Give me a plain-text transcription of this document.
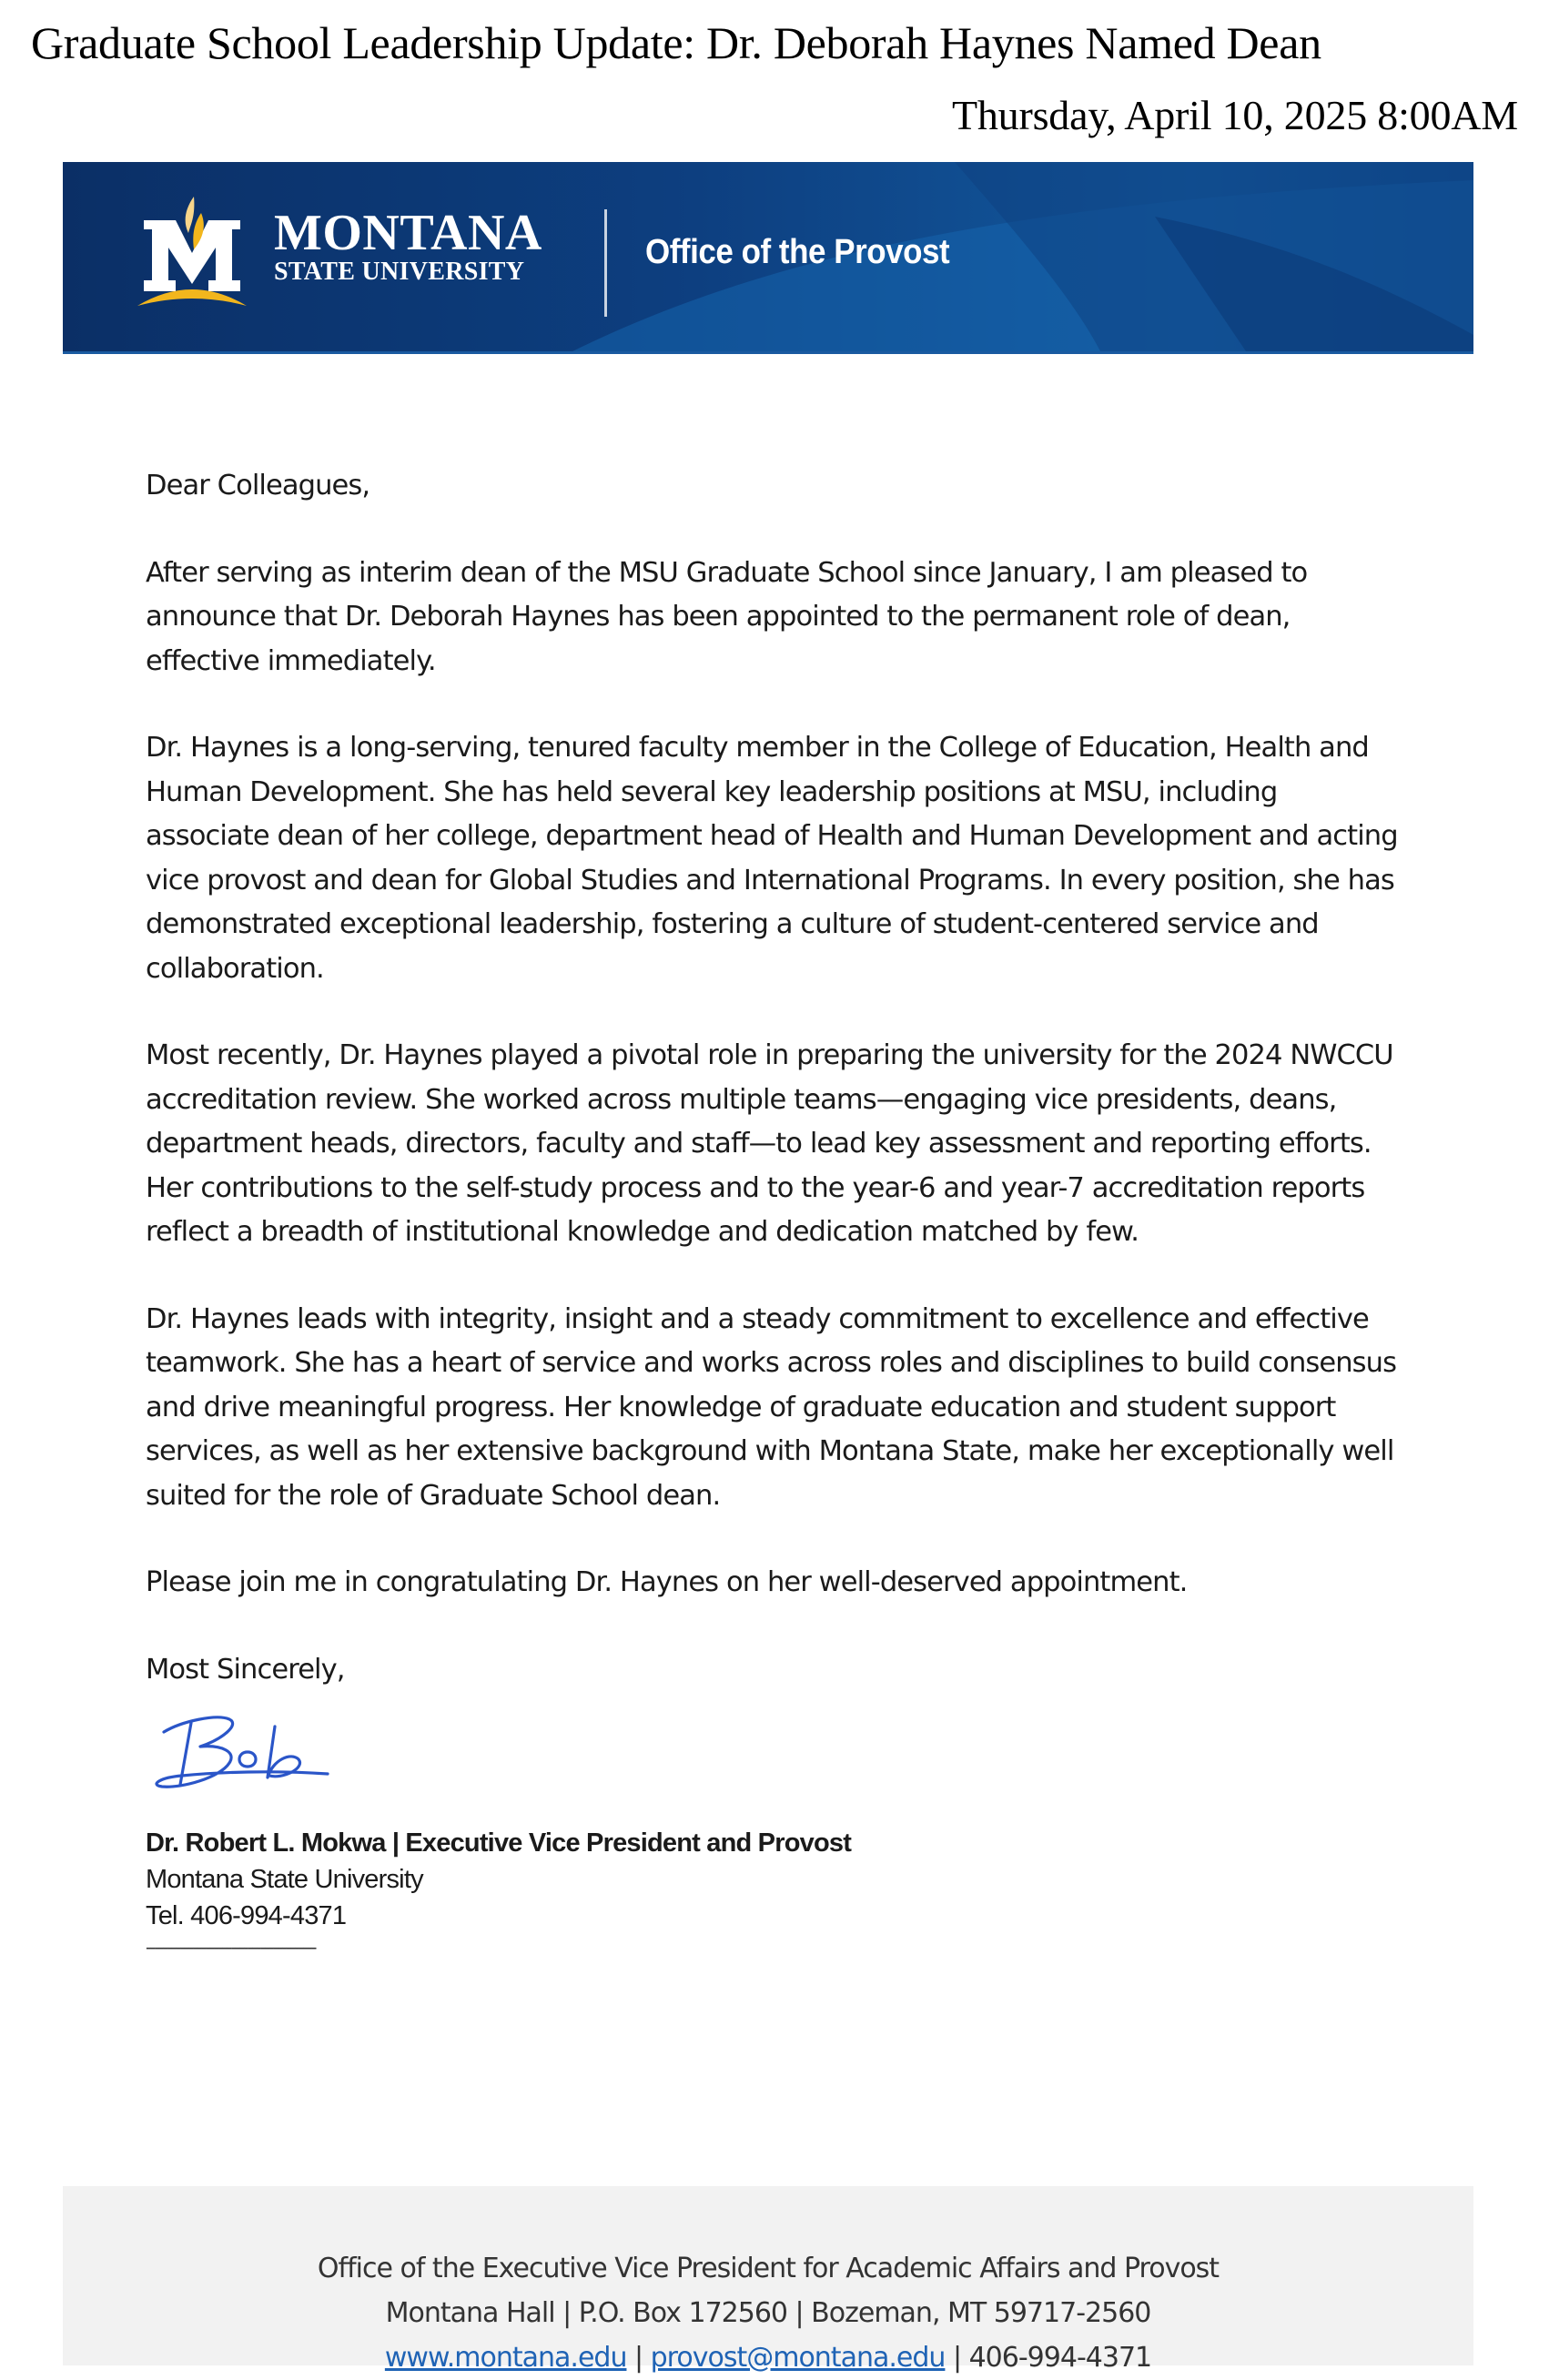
Graduate School Leadership Update: Dr. Deborah Haynes Named Dean
Thursday, April 10, 2025 8:00AM
MONTANA
STATE UNIVERSITY
Office of the Provost

Dear Colleagues,

After serving as interim dean of the MSU Graduate School since January, I am pleased to announce that Dr. Deborah Haynes has been appointed to the permanent role of dean, effective immediately.

Dr. Haynes is a long-serving, tenured faculty member in the College of Education, Health and Human Development. She has held several key leadership positions at MSU, including associate dean of her college, department head of Health and Human Development and acting vice provost and dean for Global Studies and International Programs. In every position, she has demonstrated exceptional leadership, fostering a culture of student-centered service and collaboration.

Most recently, Dr. Haynes played a pivotal role in preparing the university for the 2024 NWCCU accreditation review. She worked across multiple teams—engaging vice presidents, deans, department heads, directors, faculty and staff—to lead key assessment and reporting efforts. Her contributions to the self-study process and to the year-6 and year-7 accreditation reports reflect a breadth of institutional knowledge and dedication matched by few.

Dr. Haynes leads with integrity, insight and a steady commitment to excellence and effective teamwork. She has a heart of service and works across roles and disciplines to build consensus and drive meaningful progress. Her knowledge of graduate education and student support services, as well as her extensive background with Montana State, make her exceptionally well suited for the role of Graduate School dean.

Please join me in congratulating Dr. Haynes on her well-deserved appointment.

Most Sincerely,

Dr. Robert L. Mokwa | Executive Vice President and Provost
Montana State University
Tel. 406-994-4371
----------------------------------------
Office of the Executive Vice President for Academic Affairs and Provost
Montana Hall | P.O. Box 172560 | Bozeman, MT 59717-2560
www.montana.edu | provost@montana.edu | 406-994-4371
